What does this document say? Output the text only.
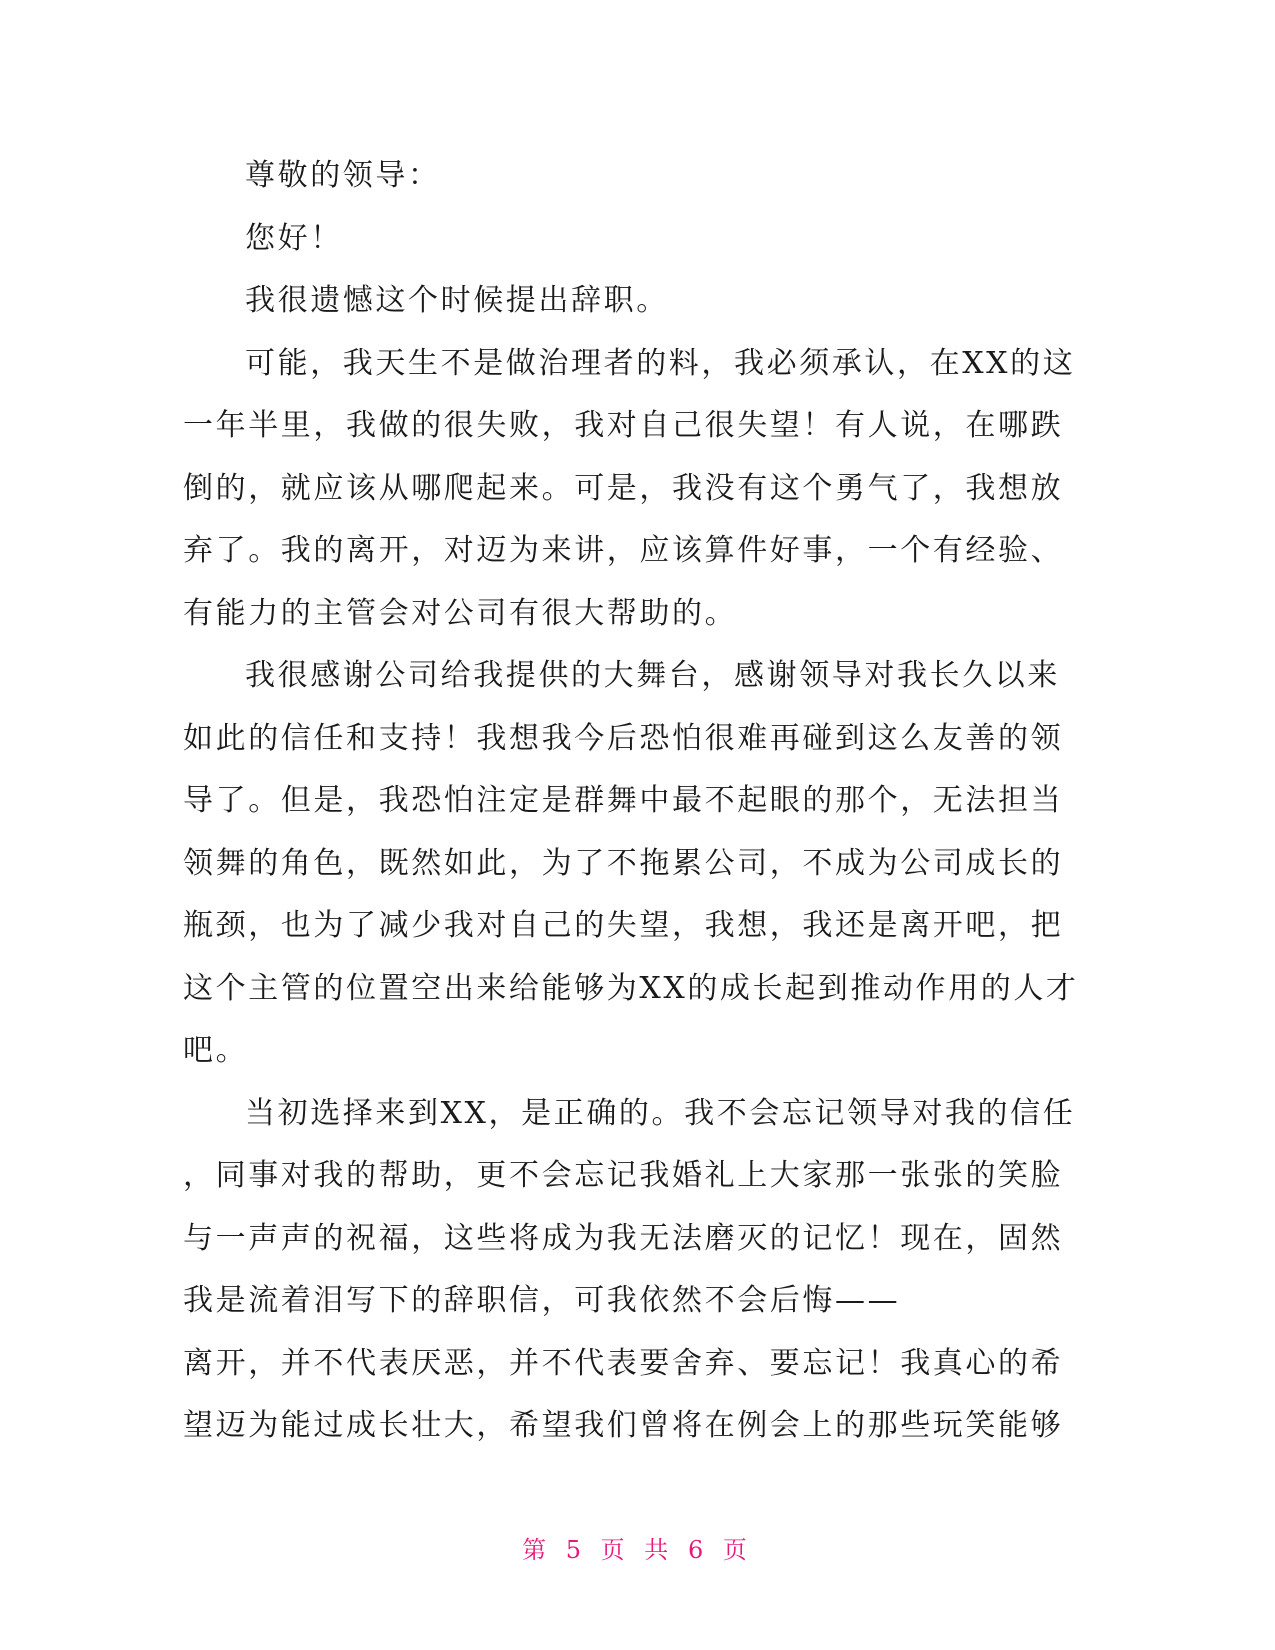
尊敬的领导：
您好！
我很遗憾这个时候提出辞职。
可能，我天生不是做治理者的料，我必须承认，在XX的这
一年半里，我做的很失败，我对自己很失望！有人说，在哪跌
倒的，就应该从哪爬起来。可是，我没有这个勇气了，我想放
弃了。我的离开，对迈为来讲，应该算件好事，一个有经验、
有能力的主管会对公司有很大帮助的。
我很感谢公司给我提供的大舞台，感谢领导对我长久以来
如此的信任和支持！我想我今后恐怕很难再碰到这么友善的领
导了。但是，我恐怕注定是群舞中最不起眼的那个，无法担当
领舞的角色，既然如此，为了不拖累公司，不成为公司成长的
瓶颈，也为了减少我对自己的失望，我想，我还是离开吧，把
这个主管的位置空出来给能够为XX的成长起到推动作用的人才
吧。
当初选择来到XX，是正确的。我不会忘记领导对我的信任
，同事对我的帮助，更不会忘记我婚礼上大家那一张张的笑脸
与一声声的祝福，这些将成为我无法磨灭的记忆！现在，固然
我是流着泪写下的辞职信，可我依然不会后悔——
离开，并不代表厌恶，并不代表要舍弃、要忘记！我真心的希
望迈为能过成长壮大，希望我们曾将在例会上的那些玩笑能够
第 5 页 共 6 页
